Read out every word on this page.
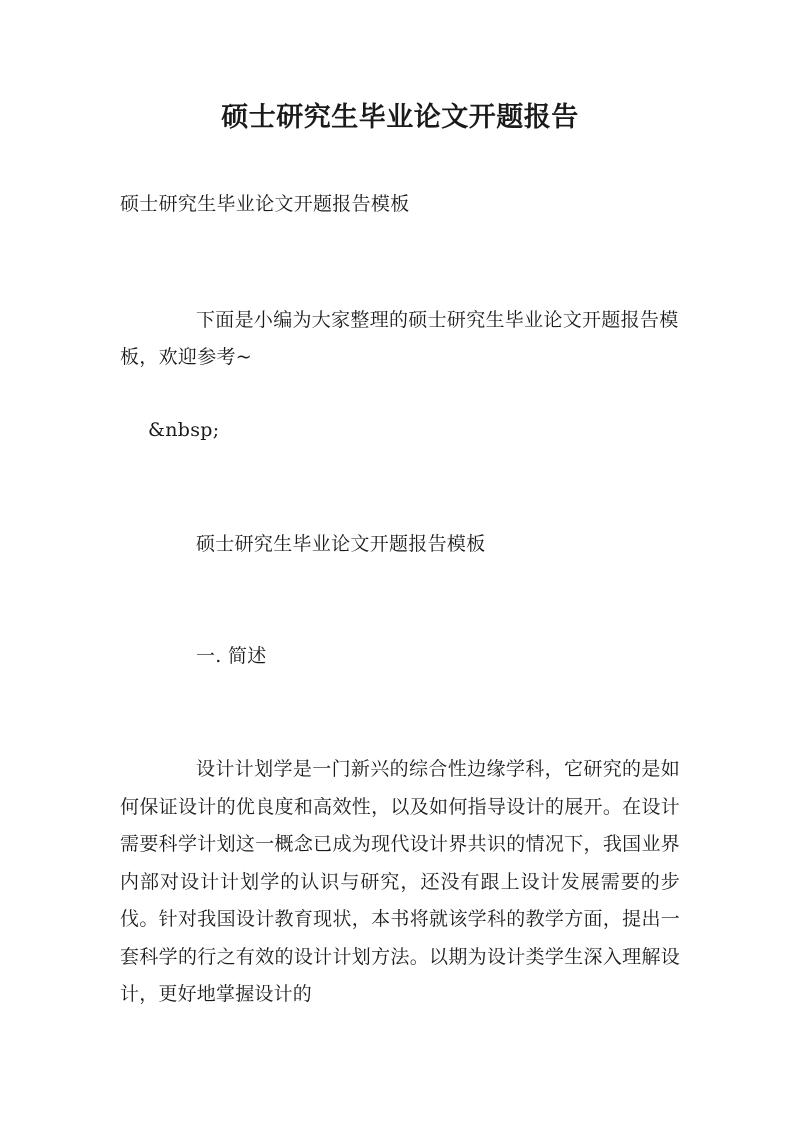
硕士研究生毕业论文开题报告
硕士研究生毕业论文开题报告模板
下面是小编为大家整理的硕士研究生毕业论文开题报告模板，欢迎参考~
&nbsp;
硕士研究生毕业论文开题报告模板
一. 简述
设计计划学是一门新兴的综合性边缘学科，它研究的是如何保证设计的优良度和高效性，以及如何指导设计的展开。在设计需要科学计划这一概念已成为现代设计界共识的情况下，我国业界内部对设计计划学的认识与研究，还没有跟上设计发展需要的步伐。针对我国设计教育现状，本书将就该学科的教学方面，提出一套科学的行之有效的设计计划方法。以期为设计类学生深入理解设计，更好地掌握设计的
